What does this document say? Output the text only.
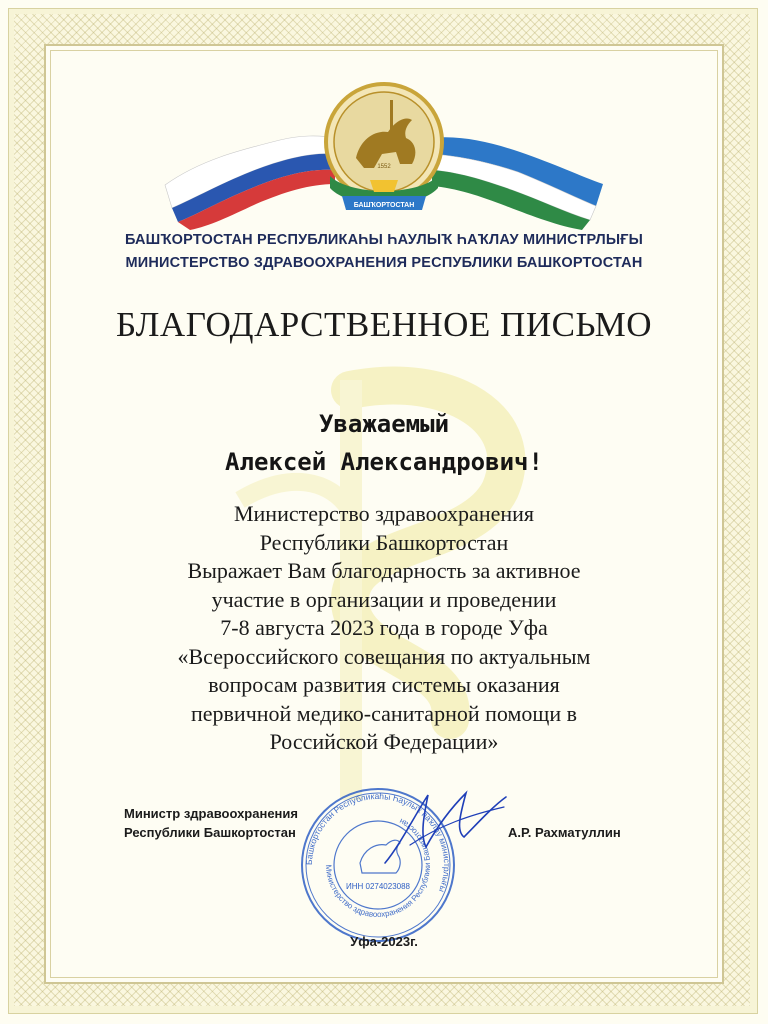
БАШҠОРТОСТАН
1552
БАШҠОРТОСТАН РЕСПУБЛИКАҺЫ ҺАУЛЫҠ ҺАҠЛАУ МИНИСТРЛЫҒЫ
МИНИСТЕРСТВО ЗДРАВООХРАНЕНИЯ РЕСПУБЛИКИ БАШКОРТОСТАН
БЛАГОДАРСТВЕННОЕ ПИСЬМО
Уважаемый
Алексей Александрович!
Министерство здравоохранения
Республики Башкортостан
Выражает Вам благодарность за активное
участие в организации и проведении
7-8 августа 2023 года в городе Уфа
«Всероссийского совещания по актуальным
вопросам развития системы оказания
первичной медико-санитарной помощи в
Российской Федерации»
Башкортостан Республикаһы Һаулыҡ һаҡлау министрлығы
Министерство здравоохранения Республики Башкортостан
ИНН 0274023088
Министр здравоохранения
Республики Башкортостан	А.Р. Рахматуллин
Уфа-2023г.
